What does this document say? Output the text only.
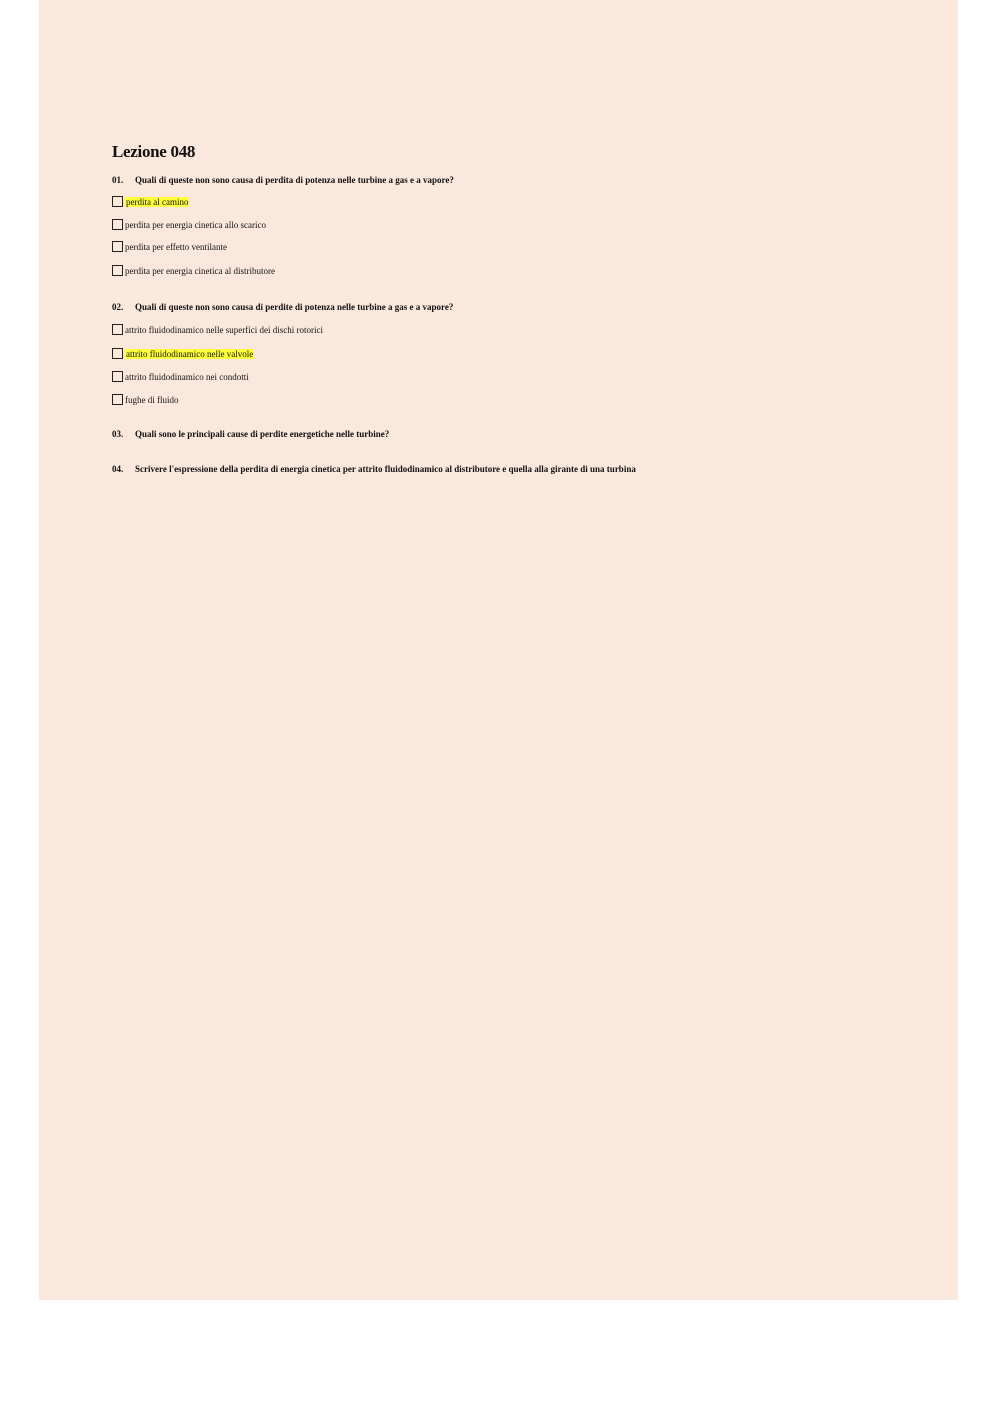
Lezione 048
01. Quali di queste non sono causa di perdita di potenza nelle turbine a gas e a vapore?
perdita al camino
perdita per energia cinetica allo scarico
perdita per effetto ventilante
perdita per energia cinetica al distributore
02. Quali di queste non sono causa di perdite di potenza nelle turbine a gas e a vapore?
attrito fluidodinamico nelle superfici dei dischi rotorici
attrito fluidodinamico nelle valvole
attrito fluidodinamico nei condotti
fughe di fluido
03. Quali sono le principali cause di perdite energetiche nelle turbine?
04. Scrivere l'espressione della perdita di energia cinetica per attrito fluidodinamico al distributore e quella alla girante di una turbina
